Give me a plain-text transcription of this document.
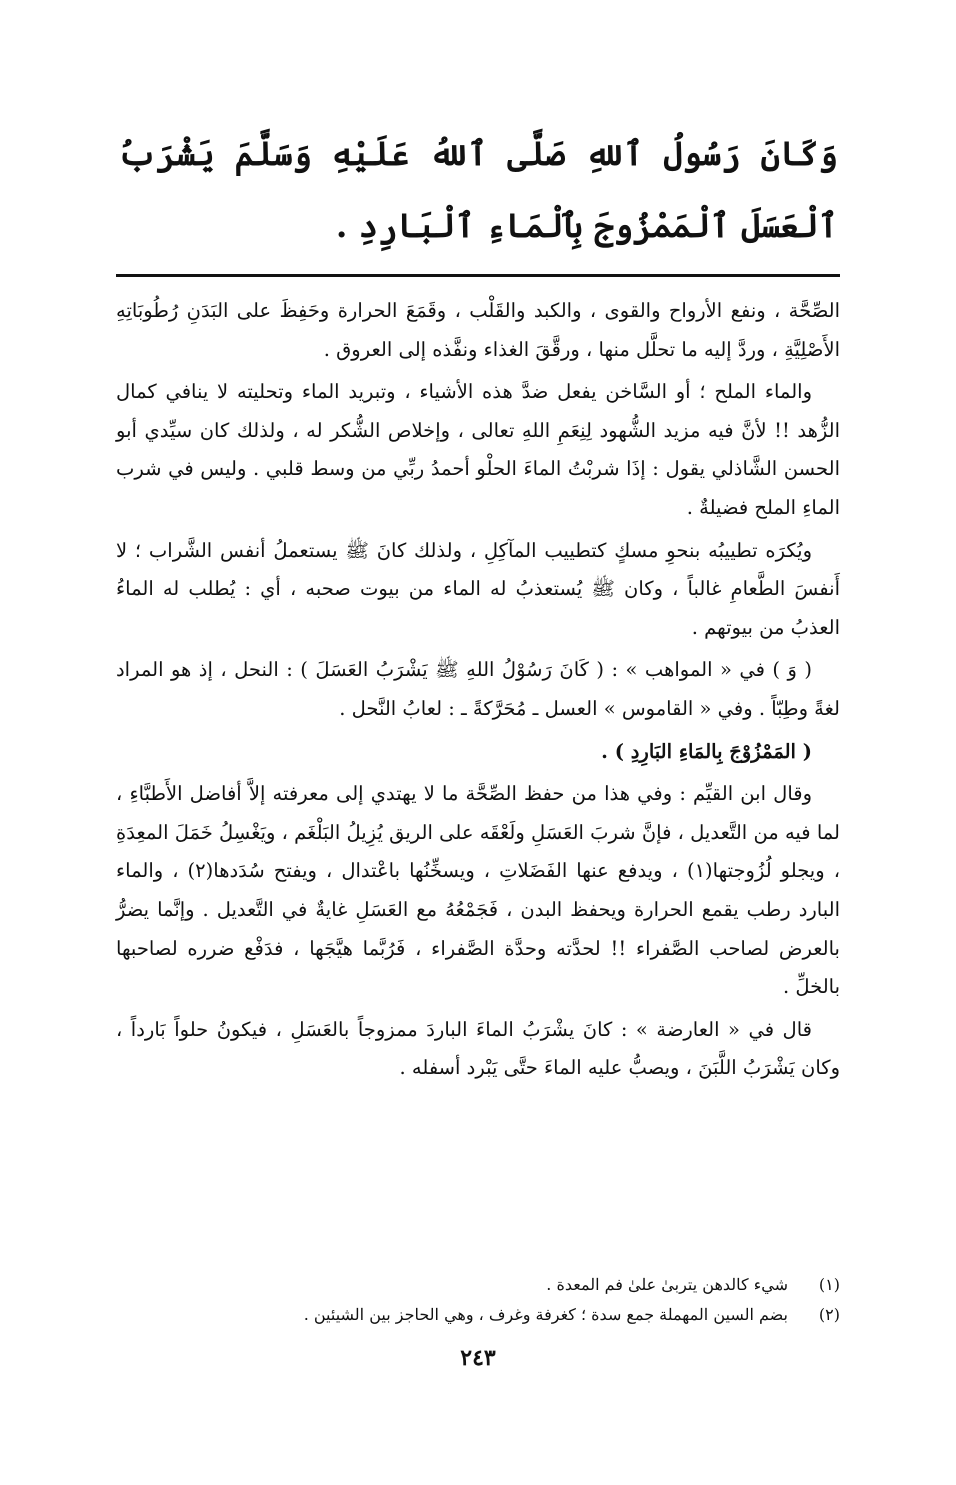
وَكَانَ رَسُولُ ٱللهِ صَلَّى ٱللهُ عَلَيْهِ وَسَلَّمَ يَشْرَبُ ٱلْعَسَلَ ٱلْمَمْزُوجَ بِٱلْمَاءِ ٱلْبَارِدِ .

الصِّحَّة ، ونفع الأرواح والقوى ، والكبد والقَلْب ، وقَمَعَ الحرارة وحَفِظَ على البَدَنِ رُطُوبَاتِهِ الأَصْلِيَّةِ ، وردَّ إليه ما تحلَّل منها ، ورقَّقَ الغذاء ونفَّذه إلى العروق .

والماء الملح ؛ أو السَّاخن يفعل ضدَّ هذه الأشياء ، وتبريد الماء وتحليته لا ينافي كمال الزُّهد !! لأنَّ فيه مزيد الشُّهود لِنِعَمِ اللهِ تعالى ، وإخلاص الشُّكر له ، ولذلك كان سيِّدي أبو الحسن الشَّاذلي يقول : إذَا شربْتُ الماءَ الحلْو أحمدُ ربِّي من وسط قلبي . وليس في شرب الماءِ الملح فضيلةٌ .

ويُكرَه تطييبُه بنحوِ مسكٍ كتطييب المآكِلِ ، ولذلك كانَ ﷺ يستعملُ أنفس الشَّراب ؛ لا أَنفسَ الطَّعامِ غالباً ، وكان ﷺ يُستعذبُ له الماء من بيوت صحبه ، أي : يُطلب له الماءُ العذبُ من بيوتهم .

( وَ ) في « المواهب » : ( كَانَ رَسُوْلُ اللهِ ﷺ يَشْرَبُ العَسَلَ ) : النحل ، إذ هو المراد لغةً وطِبّاً . وفي « القاموس » العسل ـ مُحَرَّكةً ـ : لعابُ النَّحل .

( المَمْزُوْجَ بِالمَاءِ البَارِدِ ) .

وقال ابن القيِّم : وفي هذا من حفظ الصِّحَّة ما لا يهتدي إلى معرفته إلاَّ أفاضل الأَطبَّاءِ ، لما فيه من التَّعديل ، فإنَّ شربَ العَسَلِ ولَعْقَه على الريق يُزِيلُ البَلْغَم ، ويَغْسِلُ خَمَلَ المعِدَةِ ، ويجلو لُزُوجتها(١) ، ويدفع عنها الفَضَلاتِ ، ويسخِّنُها باعْتدال ، ويفتح سُدَدها(٢) ، والماء البارد رطب يقمع الحرارة ويحفظ البدن ، فَجَمْعُهُ مع العَسَلِ غايةٌ في التَّعديل . وإنَّما يضرُّ بالعرض لصاحب الصَّفراء !! لحدَّته وحدَّة الصَّفراء ، فَرُبَّما هيَّجَها ، فدَفْع ضرره لصاحبها بالخلِّ .

قال في « العارضة » : كانَ يشْرَبُ الماءَ الباردَ ممزوجاً بالعَسَلِ ، فيكونُ حلواً بَارداً ، وكان يَشْرَبُ اللَّبَنَ ، ويصبُّ عليه الماءَ حتَّى يَبْرد أسفله .

(١)
شيء كالدهن يتربىٰ علىٰ فم المعدة .
(٢)
بضم السين المهملة جمع سدة ؛ كغرفة وغرف ، وهي الحاجز بين الشيئين .
٢٤٣
